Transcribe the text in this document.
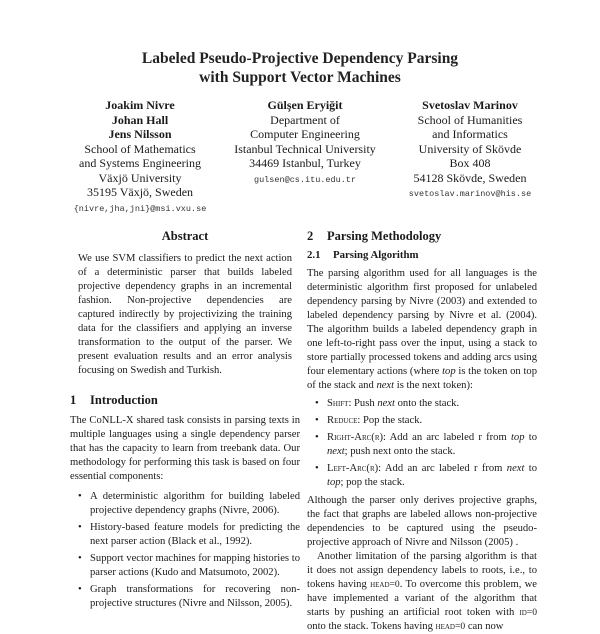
Labeled Pseudo-Projective Dependency Parsing
with Support Vector Machines
Joakim Nivre
Johan Hall
Jens Nilsson
School of Mathematics
and Systems Engineering
Växjö University
35195 Växjö, Sweden
{nivre,jha,jni}@msi.vxu.se
Gülşen Eryiğit
Department of
Computer Engineering
Istanbul Technical University
34469 Istanbul, Turkey
gulsen@cs.itu.edu.tr
Svetoslav Marinov
School of Humanities
and Informatics
University of Skövde
Box 408
54128 Skövde, Sweden
svetoslav.marinov@his.se
Abstract

We use SVM classifiers to predict the next action of a deterministic parser that builds labeled projective dependency graphs in an incremental fashion. Non-projective dependencies are captured indirectly by projectivizing the training data for the classifiers and applying an inverse transformation to the output of the parser. We present evaluation results and an error analysis focusing on Swedish and Turkish.

1 Introduction

The CoNLL-X shared task consists in parsing texts in multiple languages using a single dependency parser that has the capacity to learn from treebank data. Our methodology for performing this task is based on four essential components:

• A deterministic algorithm for building labeled projective dependency graphs (Nivre, 2006).
• History-based feature models for predicting the next parser action (Black et al., 1992).
• Support vector machines for mapping histories to parser actions (Kudo and Matsumoto, 2002).
• Graph transformations for recovering non-projective structures (Nivre and Nilsson, 2005).
2 Parsing Methodology
2.1 Parsing Algorithm

The parsing algorithm used for all languages is the deterministic algorithm first proposed for unlabeled dependency parsing by Nivre (2003) and extended to labeled dependency parsing by Nivre et al. (2004). The algorithm builds a labeled dependency graph in one left-to-right pass over the input, using a stack to store partially processed tokens and adding arcs using four elementary actions (where top is the token on top of the stack and next is the next token):

• Shift: Push next onto the stack.
• Reduce: Pop the stack.
• Right-Arc(r): Add an arc labeled r from top to next; push next onto the stack.
• Left-Arc(r): Add an arc labeled r from next to top; pop the stack.

Although the parser only derives projective graphs, the fact that graphs are labeled allows non-projective dependencies to be captured using the pseudo-projective approach of Nivre and Nilsson (2005) .

Another limitation of the parsing algorithm is that it does not assign dependency labels to roots, i.e., to tokens having head=0. To overcome this problem, we have implemented a variant of the algorithm that starts by pushing an artificial root token with id=0 onto the stack. Tokens having head=0 can now
